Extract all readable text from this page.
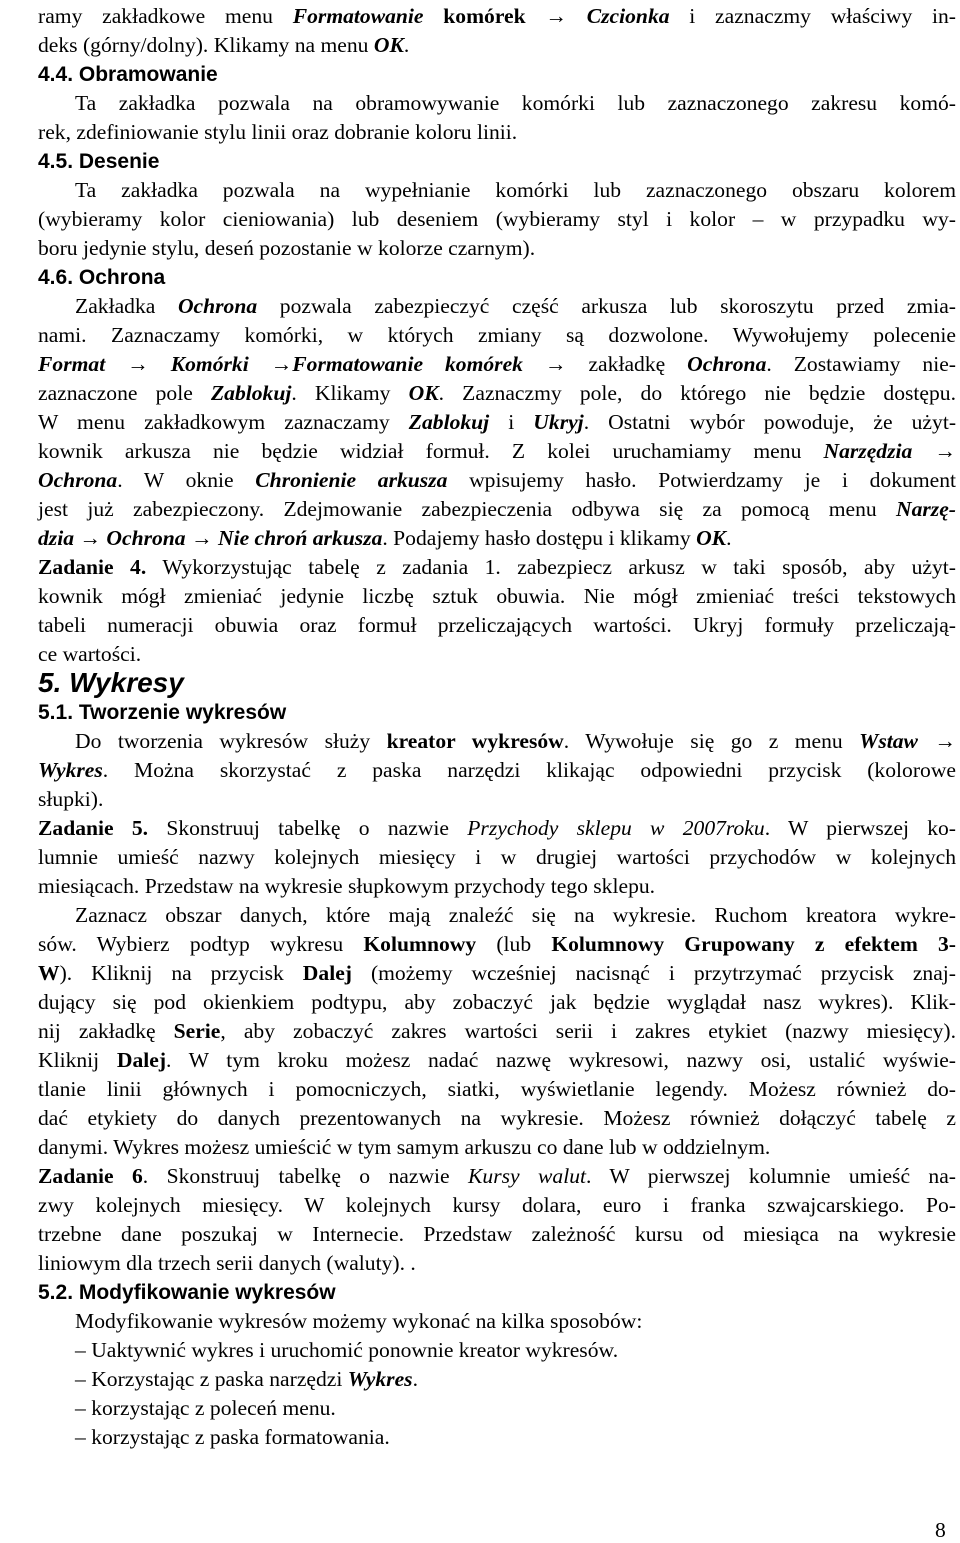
ramy zakładkowe menu Formatowanie komórek → Czcionka i zaznaczmy właściwy in-
deks (górny/dolny). Klikamy na menu OK.
4.4. Obramowanie
Ta zakładka pozwala na obramowywanie komórki lub zaznaczonego zakresu komó-
rek, zdefiniowanie stylu linii oraz dobranie koloru linii.
4.5. Desenie
Ta zakładka pozwala na wypełnianie komórki lub zaznaczonego obszaru kolorem
(wybieramy kolor cieniowania) lub deseniem (wybieramy styl i kolor – w przypadku wy-
boru jedynie stylu, deseń pozostanie w kolorze czarnym).
4.6. Ochrona
Zakładka Ochrona pozwala zabezpieczyć część arkusza lub skoroszytu przed zmia-
nami. Zaznaczamy komórki, w których zmiany są dozwolone. Wywołujemy polecenie
Format → Komórki →Formatowanie komórek → zakładkę Ochrona. Zostawiamy nie-
zaznaczone pole Zablokuj. Klikamy OK. Zaznaczmy pole, do którego nie będzie dostępu.
W menu zakładkowym zaznaczamy Zablokuj i Ukryj. Ostatni wybór powoduje, że użyt-
kownik arkusza nie będzie widział formuł. Z kolei uruchamiamy menu Narzędzia →
Ochrona. W oknie Chronienie arkusza wpisujemy hasło. Potwierdzamy je i dokument
jest już zabezpieczony. Zdejmowanie zabezpieczenia odbywa się za pomocą menu Narzę-
dzia → Ochrona → Nie chroń arkusza. Podajemy hasło dostępu i klikamy OK.
Zadanie 4. Wykorzystując tabelę z zadania 1. zabezpiecz arkusz w taki sposób, aby użyt-
kownik mógł zmieniać jedynie liczbę sztuk obuwia. Nie mógł zmieniać treści tekstowych
tabeli numeracji obuwia oraz formuł przeliczających wartości. Ukryj formuły przeliczają-
ce wartości.
5. Wykresy
5.1. Tworzenie wykresów
Do tworzenia wykresów służy kreator wykresów. Wywołuje się go z menu Wstaw →
Wykres. Można skorzystać z paska narzędzi klikając odpowiedni przycisk (kolorowe
słupki).
Zadanie 5. Skonstruuj tabelkę o nazwie Przychody sklepu w 2007roku. W pierwszej ko-
lumnie umieść nazwy kolejnych miesięcy i w drugiej wartości przychodów w kolejnych
miesiącach. Przedstaw na wykresie słupkowym przychody tego sklepu.
Zaznacz obszar danych, które mają znaleźć się na wykresie. Ruchom kreatora wykre-
sów. Wybierz podtyp wykresu Kolumnowy (lub Kolumnowy Grupowany z efektem 3-
W). Kliknij na przycisk Dalej (możemy wcześniej nacisnąć i przytrzymać przycisk znaj-
dujący się pod okienkiem podtypu, aby zobaczyć jak będzie wyglądał nasz wykres). Klik-
nij zakładkę Serie, aby zobaczyć zakres wartości serii i zakres etykiet (nazwy miesięcy).
Kliknij Dalej. W tym kroku możesz nadać nazwę wykresowi, nazwy osi, ustalić wyświe-
tlanie linii głównych i pomocniczych, siatki, wyświetlanie legendy. Możesz również do-
dać etykiety do danych prezentowanych na wykresie. Możesz również dołączyć tabelę z
danymi. Wykres możesz umieścić w tym samym arkuszu co dane lub w oddzielnym.
Zadanie 6. Skonstruuj tabelkę o nazwie Kursy walut. W pierwszej kolumnie umieść na-
zwy kolejnych miesięcy. W kolejnych kursy dolara, euro i franka szwajcarskiego. Po-
trzebne dane poszukaj w Internecie. Przedstaw zależność kursu od miesiąca na wykresie
liniowym dla trzech serii danych (waluty). .
5.2. Modyfikowanie wykresów
Modyfikowanie wykresów możemy wykonać na kilka sposobów:
– Uaktywnić wykres i uruchomić ponownie kreator wykresów.
– Korzystając z paska narzędzi Wykres.
– korzystając z poleceń menu.
– korzystając z paska formatowania.
8
